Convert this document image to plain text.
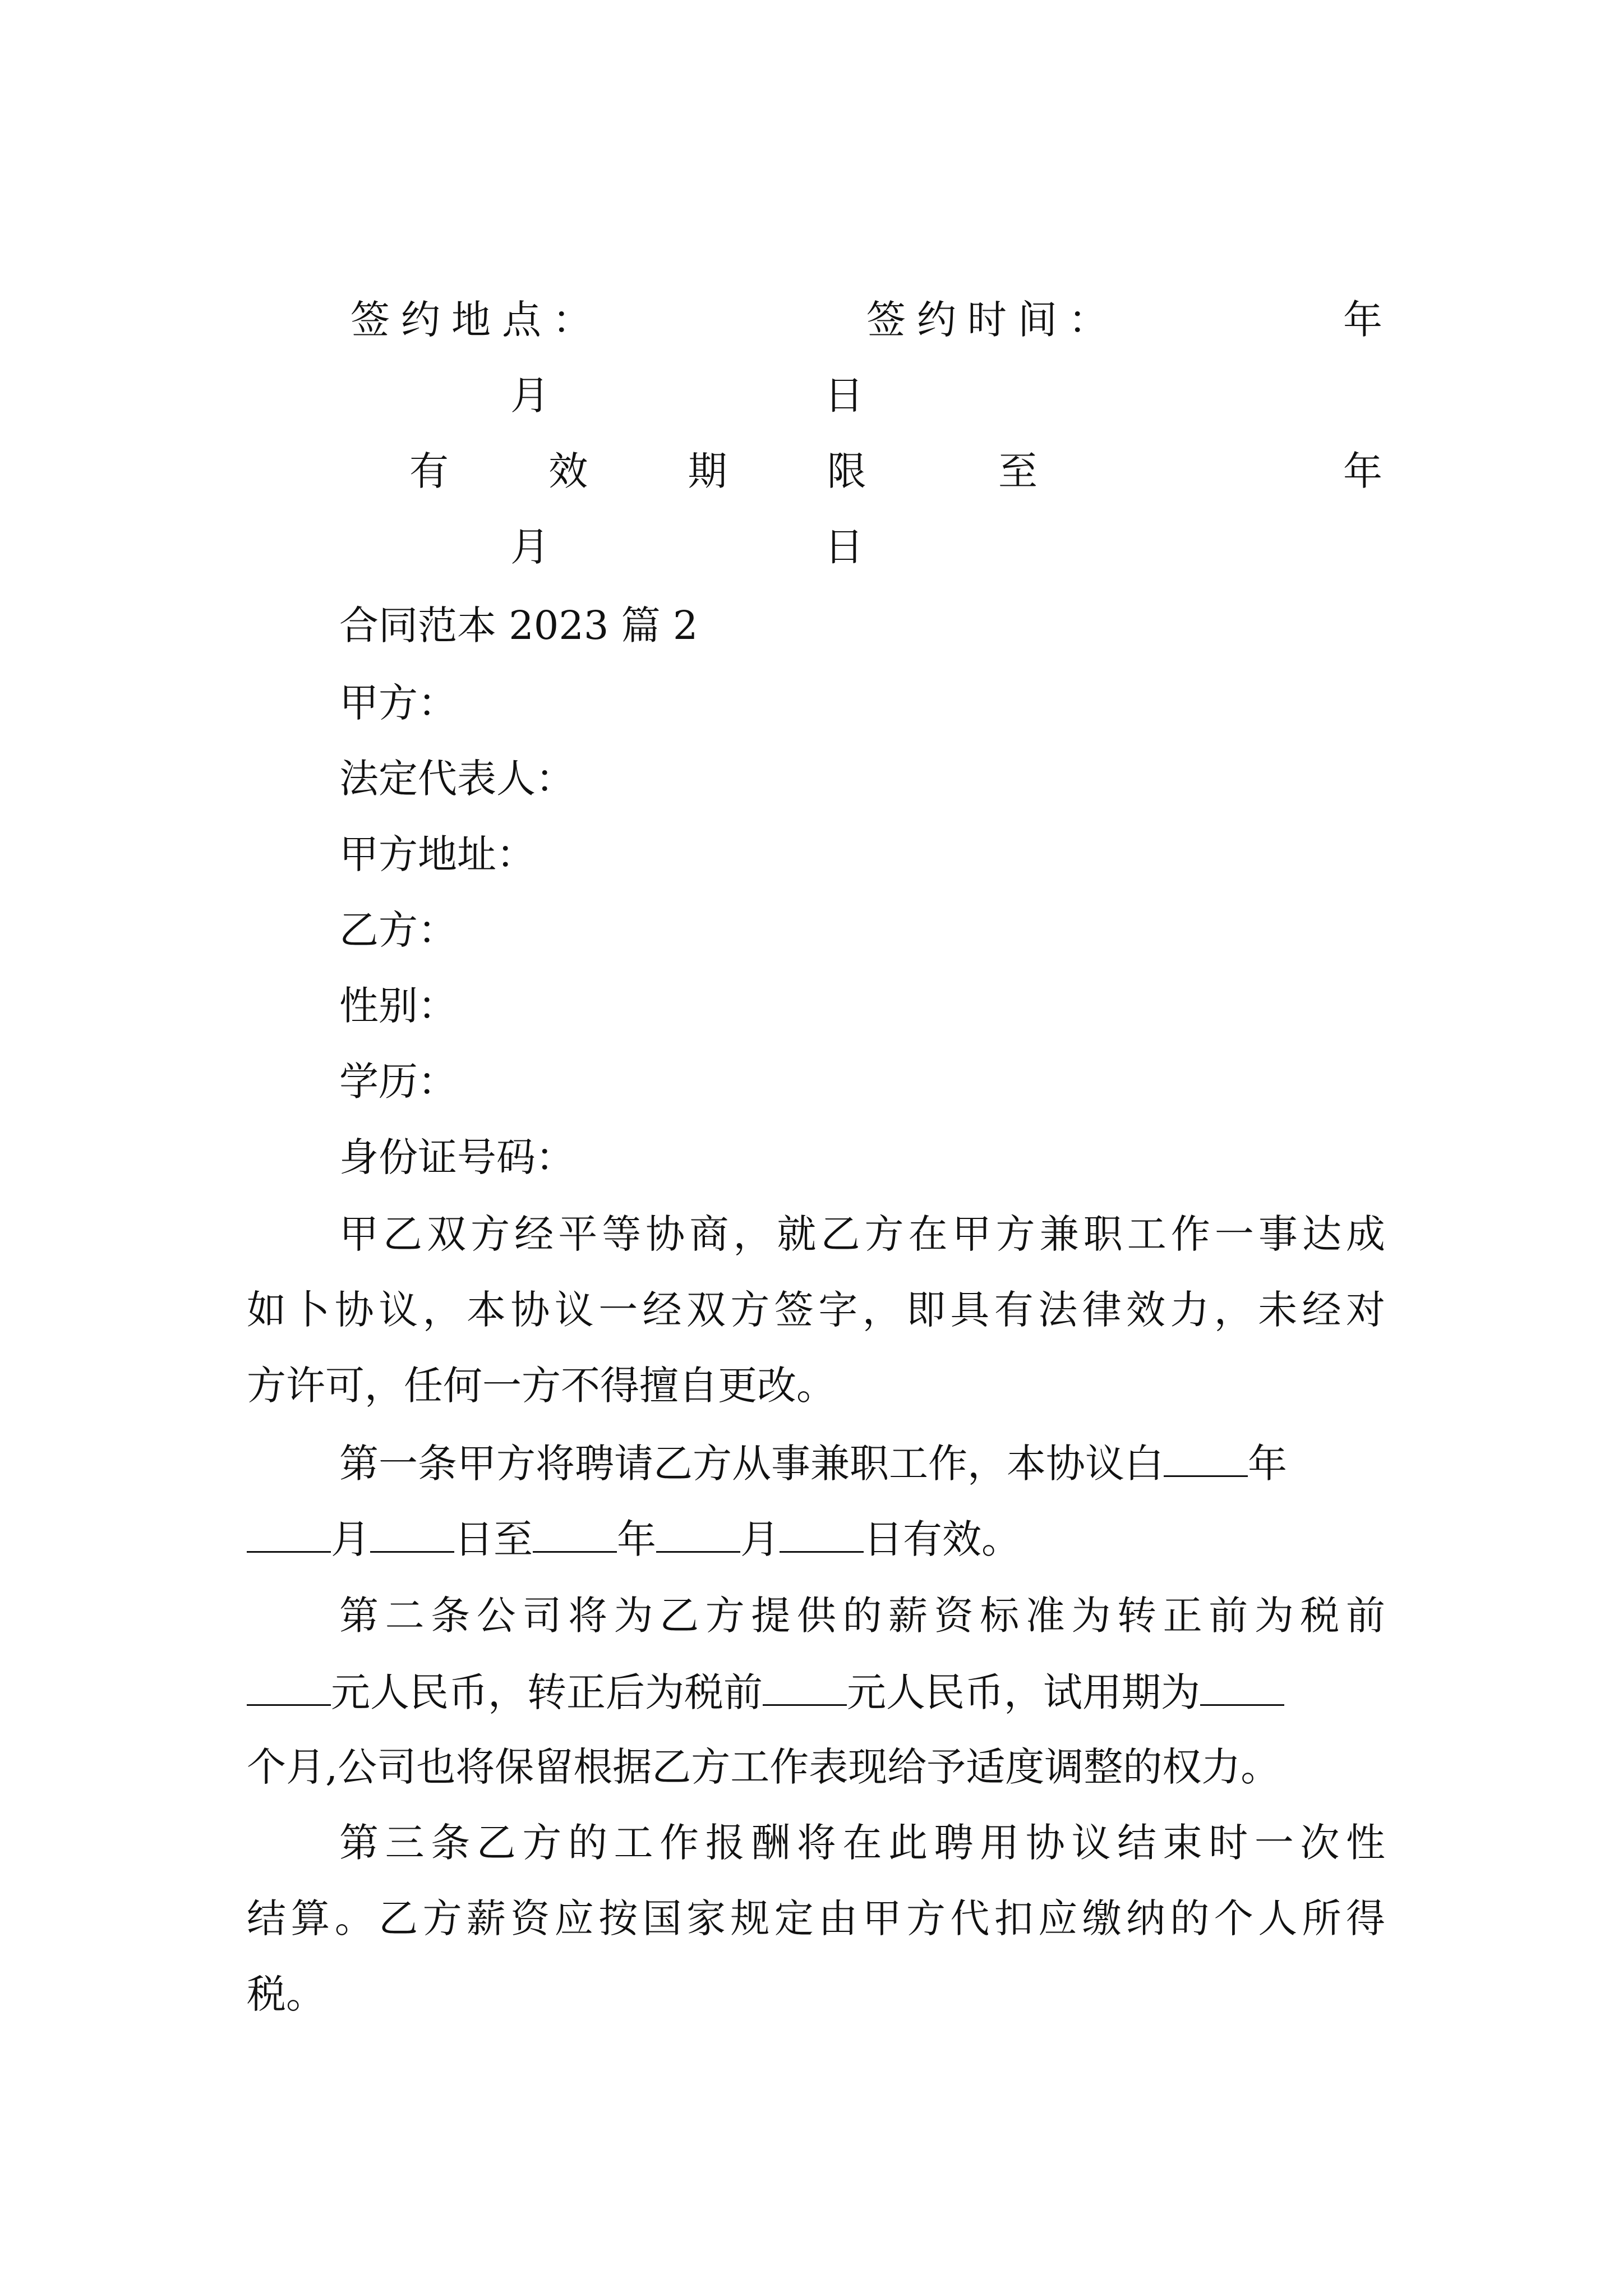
签约地点：	签约时间：	年
月	日
有 效 期 限 至	年
月	日
合同范本 2023 篇 2
甲方：
法定代表人：
甲方地址：
乙方：
性别：
学历：
身份证号码：
甲乙双方经平等协商，就乙方在甲方兼职工作一事达成
如卜协议，本协议一经双方签字，即具有法律效力，未经对
方许可，任何一方不得擅自更改。
第一条甲方将聘请乙方从事兼职工作，本协议白 年
月 日至 年 月 日有效。
第二条公司将为乙方提供的薪资标准为转正前为税前
元人民币，转正后为税前 元人民币，试用期为
个月,公司也将保留根据乙方工作表现给予适度调整的权力。
第三条乙方的工作报酬将在此聘用协议结束时一次性
结算。乙方薪资应按国家规定由甲方代扣应缴纳的个人所得
税。
